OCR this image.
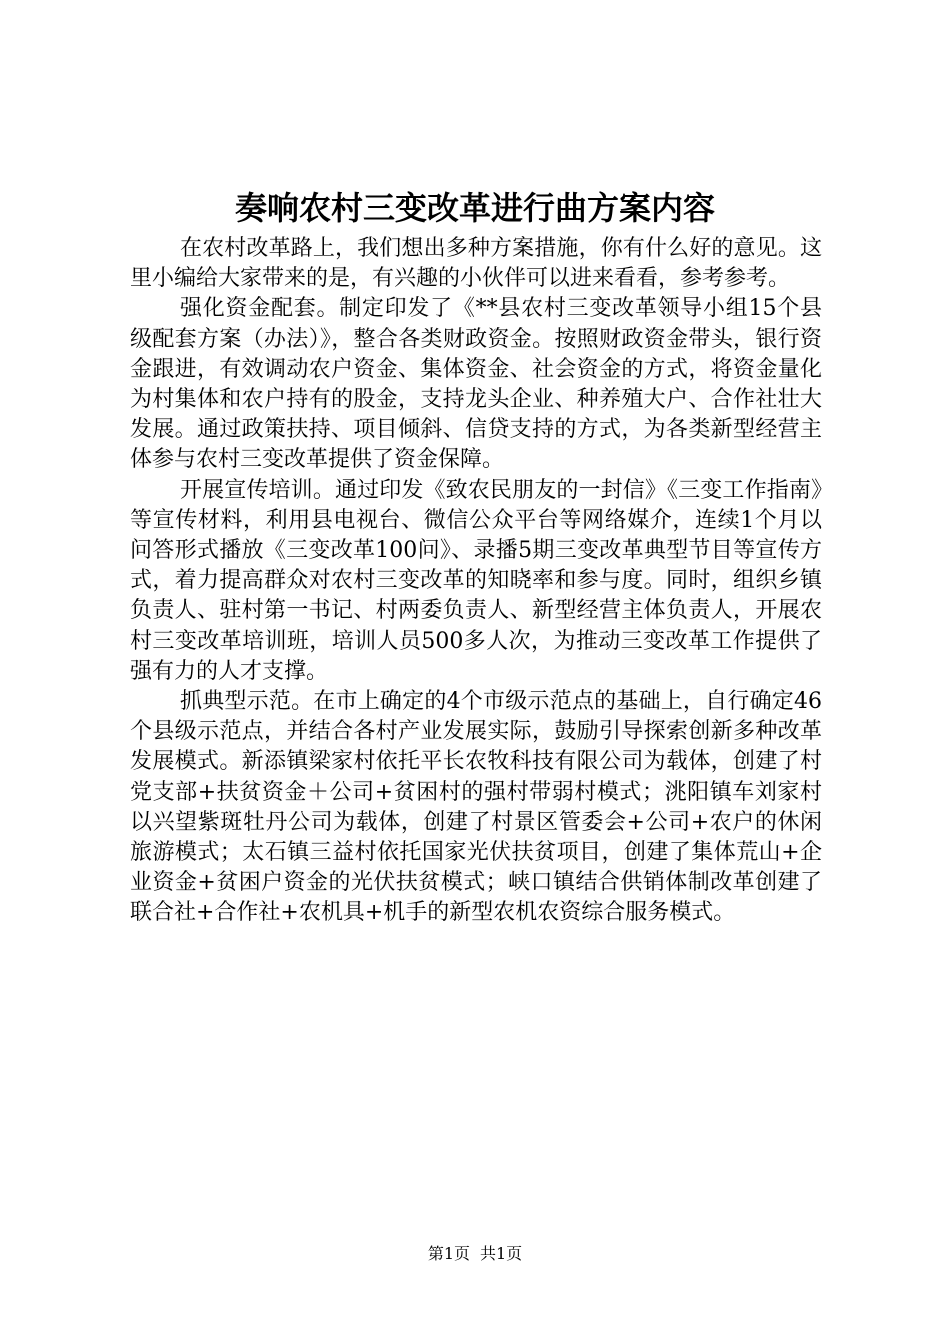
奏响农村三变改革进行曲方案内容

在农村改革路上，我们想出多种方案措施，你有什么好的意见。这里小编给大家带来的是，有兴趣的小伙伴可以进来看看，参考参考。

强化资金配套。制定印发了《**县农村三变改革领导小组15个县级配套方案（办法）》，整合各类财政资金。按照财政资金带头，银行资金跟进，有效调动农户资金、集体资金、社会资金的方式，将资金量化为村集体和农户持有的股金，支持龙头企业、种养殖大户、合作社壮大发展。通过政策扶持、项目倾斜、信贷支持的方式，为各类新型经营主体参与农村三变改革提供了资金保障。

开展宣传培训。通过印发《致农民朋友的一封信》《三变工作指南》等宣传材料，利用县电视台、微信公众平台等网络媒介，连续1个月以问答形式播放《三变改革100问》、录播5期三变改革典型节目等宣传方式，着力提高群众对农村三变改革的知晓率和参与度。同时，组织乡镇负责人、驻村第一书记、村两委负责人、新型经营主体负责人，开展农村三变改革培训班，培训人员500多人次，为推动三变改革工作提供了强有力的人才支撑。

抓典型示范。在市上确定的4个市级示范点的基础上，自行确定46个县级示范点，并结合各村产业发展实际，鼓励引导探索创新多种改革发展模式。新添镇梁家村依托平长农牧科技有限公司为载体，创建了村党支部+扶贫资金＋公司+贫困村的强村带弱村模式；洮阳镇车刘家村以兴望紫斑牡丹公司为载体，创建了村景区管委会+公司+农户的休闲旅游模式；太石镇三益村依托国家光伏扶贫项目，创建了集体荒山+企业资金+贫困户资金的光伏扶贫模式；峡口镇结合供销体制改革创建了联合社+合作社+农机具+机手的新型农机农资综合服务模式。

第1页 共1页
